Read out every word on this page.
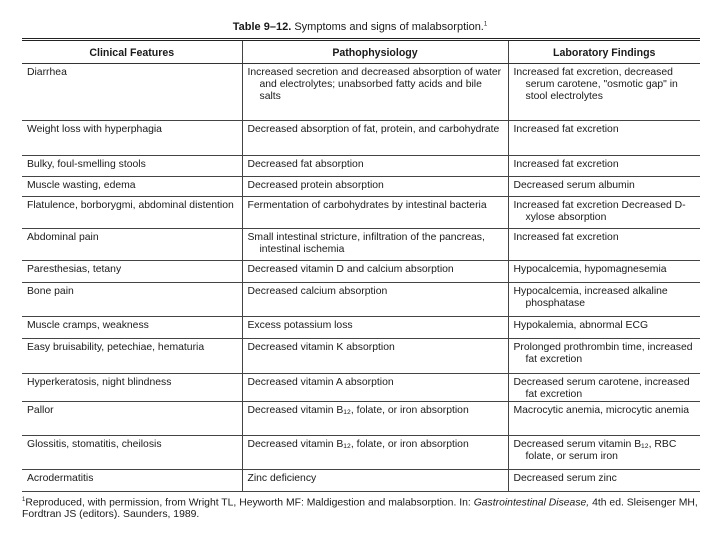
Table 9–12. Symptoms and signs of malabsorption.$^1$
Clinical Features	Pathophysiology	Laboratory Findings

Diarrhea	Increased secretion and decreased absorption of water and electrolytes; unabsorbed fatty acids and bile salts	Increased fat excretion, decreased serum carotene, "osmotic gap" in stool electrolytes

Weight loss with hyperphagia	Decreased absorption of fat, protein, and carbohydrate	Increased fat excretion

Bulky, foul-smelling stools	Decreased fat absorption	Increased fat excretion

Muscle wasting, edema	Decreased protein absorption	Decreased serum albumin

Flatulence, borborygmi, abdominal distention	Fermentation of carbohydrates by intestinal bacteria	Increased fat excretion Decreased D-xylose absorption

Abdominal pain	Small intestinal stricture, infiltration of the pancreas, intestinal ischemia	Increased fat excretion

Paresthesias, tetany	Decreased vitamin D and calcium absorption	Hypocalcemia, hypomagnesemia

Bone pain	Decreased calcium absorption	Hypocalcemia, increased alkaline phosphatase

Muscle cramps, weakness	Excess potassium loss	Hypokalemia, abnormal ECG

Easy bruisability, petechiae, hematuria	Decreased vitamin K absorption	Prolonged prothrombin time, increased fat excretion

Hyperkeratosis, night blindness	Decreased vitamin A absorption	Decreased serum carotene, increased fat excretion

Pallor	Decreased vitamin B₁₂, folate, or iron absorption	Macrocytic anemia, microcytic anemia

Glossitis, stomatitis, cheilosis	Decreased vitamin B₁₂, folate, or iron absorption	Decreased serum vitamin B₁₂, RBC folate, or serum iron

Acrodermatitis	Zinc deficiency	Decreased serum zinc
$^1$Reproduced, with permission, from Wright TL, Heyworth MF: Maldigestion and malabsorption. In: Gastrointestinal Disease, 4th ed. Sleisenger MH, Fordtran JS (editors). Saunders, 1989.
